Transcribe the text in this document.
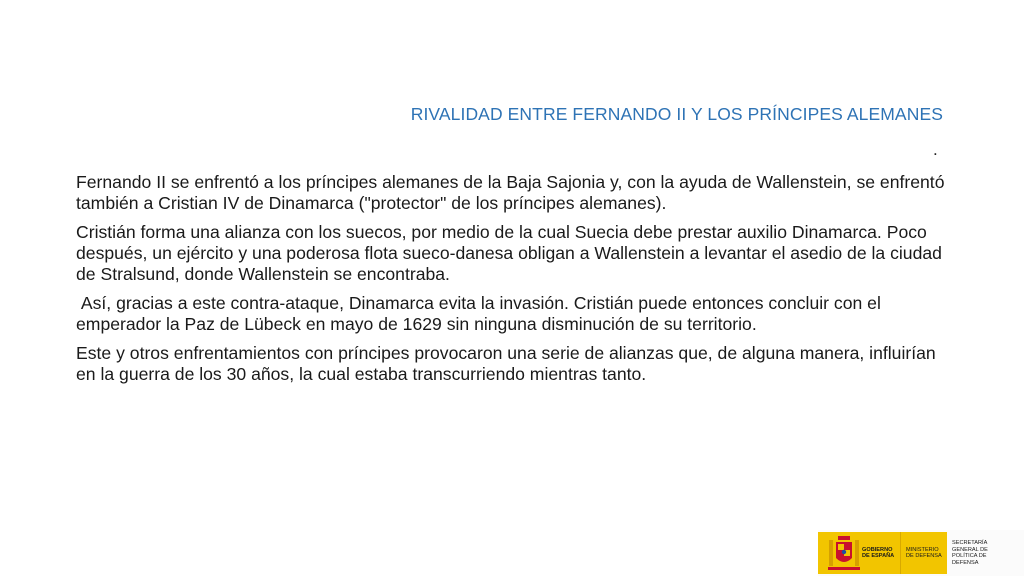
RIVALIDAD ENTRE FERNANDO II Y LOS PRÍNCIPES ALEMANES
.

Fernando II se enfrentó a los príncipes alemanes de la Baja Sajonia y, con la ayuda de Wallenstein, se enfrentó también a Cristian IV de Dinamarca ("protector" de los príncipes alemanes).

Cristián forma una alianza con los suecos, por medio de la cual Suecia debe prestar auxilio Dinamarca. Poco después, un ejército y una poderosa flota sueco-danesa obligan a Wallenstein a levantar el asedio de la ciudad de Stralsund, donde Wallenstein se encontraba.

Así, gracias a este contra-ataque, Dinamarca evita la invasión. Cristián puede entonces concluir con el emperador la Paz de Lübeck en mayo de 1629 sin ninguna disminución de su territorio.

Este y otros enfrentamientos con príncipes provocaron una serie de alianzas que, de alguna manera, influirían en la guerra de los 30 años, la cual estaba transcurriendo mientras tanto.

GOBIERNO
DE ESPAÑA
MINISTERIO
DE DEFENSA
SECRETARÍA GENERAL DE
POLÍTICA DE DEFENSA
